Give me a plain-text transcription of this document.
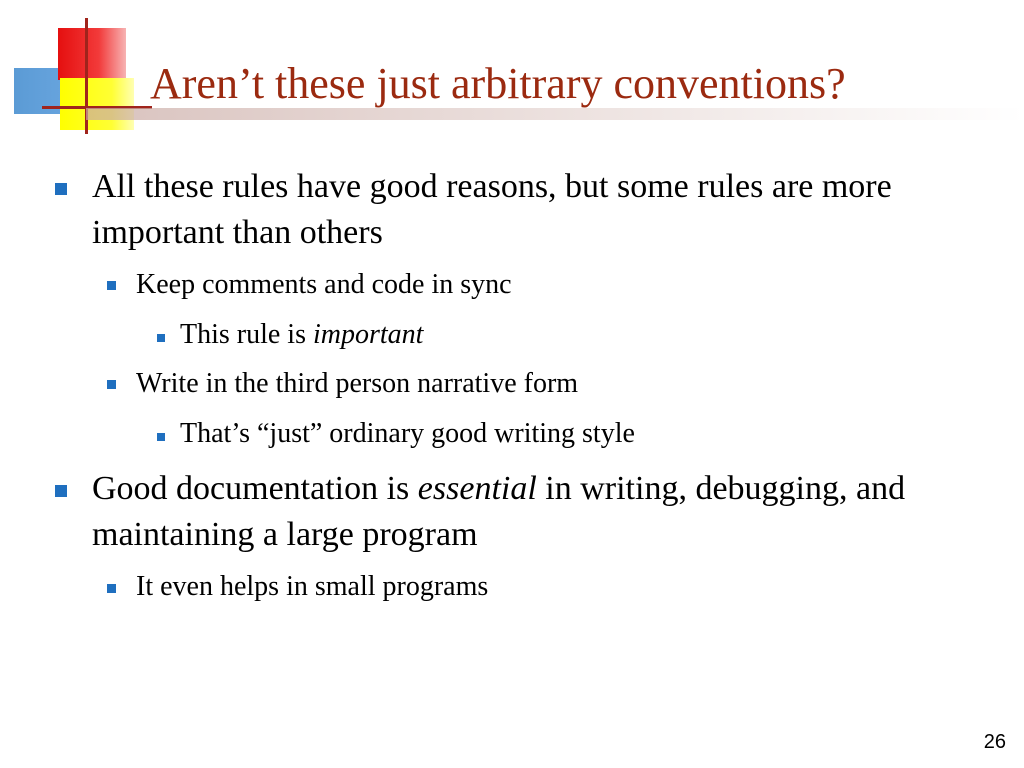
Aren’t these just arbitrary conventions?
All these rules have good reasons, but some rules are more important than others
Keep comments and code in sync
This rule is important
Write in the third person narrative form
That’s “just” ordinary good writing style
Good documentation is essential in writing, debugging, and maintaining a large program
It even helps in small programs
26
